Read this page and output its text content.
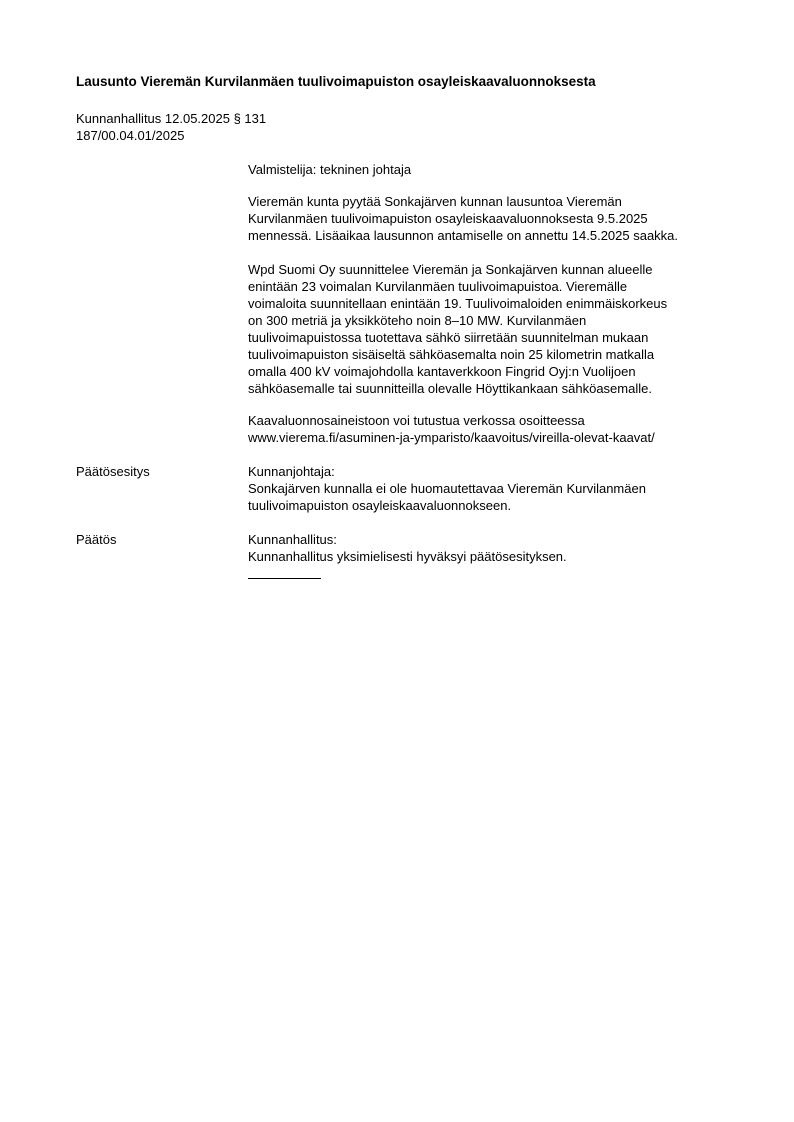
Lausunto Vieremän Kurvilanmäen tuulivoimapuiston osayleiskaavaluonnoksesta
Kunnanhallitus 12.05.2025 § 131
187/00.04.01/2025

Valmistelija: tekninen johtaja

Vieremän kunta pyytää Sonkajärven kunnan lausuntoa Vieremän
Kurvilanmäen tuulivoimapuiston osayleiskaavaluonnoksesta 9.5.2025
mennessä. Lisäaikaa lausunnon antamiselle on annettu 14.5.2025 saakka.
Wpd Suomi Oy suunnittelee Vieremän ja Sonkajärven kunnan alueelle
enintään 23 voimalan Kurvilanmäen tuulivoimapuistoa. Vieremälle
voimaloita suunnitellaan enintään 19. Tuulivoimaloiden enimmäiskorkeus
on 300 metriä ja yksikköteho noin 8–10 MW. Kurvilanmäen
tuulivoimapuistossa tuotettava sähkö siirretään suunnitelman mukaan
tuulivoimapuiston sisäiseltä sähköasemalta noin 25 kilometrin matkalla
omalla 400 kV voimajohdolla kantaverkkoon Fingrid Oyj:n Vuolijoen
sähköasemalle tai suunnitteilla olevalle Höyttikankaan sähköasemalle.
Kaavaluonnosaineistoon voi tutustua verkossa osoitteessa
www.vierema.fi/asuminen-ja-ymparisto/kaavoitus/vireilla-olevat-kaavat/
Päätösesitys	Kunnanjohtaja:
Sonkajärven kunnalla ei ole huomautettavaa Vieremän Kurvilanmäen
tuulivoimapuiston osayleiskaavaluonnokseen.
Päätös	Kunnanhallitus:
Kunnanhallitus yksimielisesti hyväksyi päätösesityksen.
